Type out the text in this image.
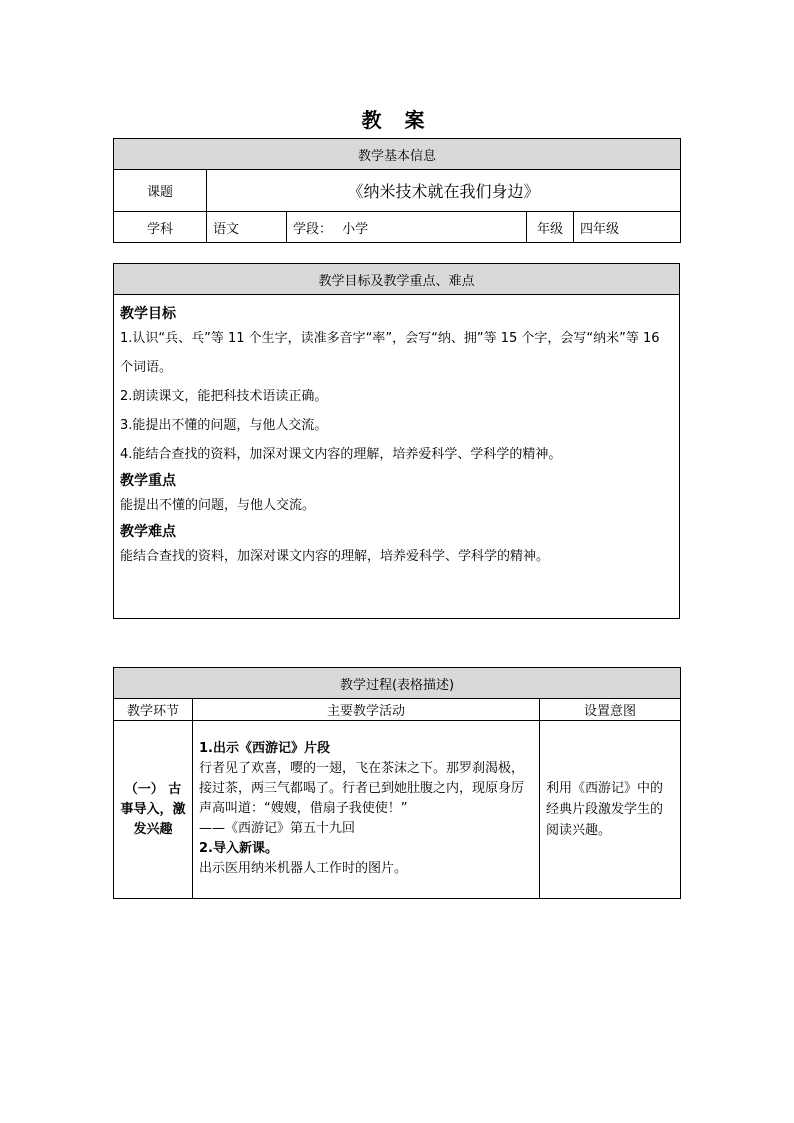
教 案
教学基本信息				
课题	《纳米技术就在我们身边》			
学科	语文	学段： 小学	年级	四年级
教学目标及教学重点、难点

教学目标
1.认识“兵、乓”等 11 个生字，读准多音字“率”，会写“纳、拥”等 15 个字，会写“纳米”等 16 个词语。
2.朗读课文，能把科技术语读正确。
3.能提出不懂的问题，与他人交流。
4.能结合查找的资料，加深对课文内容的理解，培养爱科学、学科学的精神。
教学重点
能提出不懂的问题，与他人交流。
教学难点
能结合查找的资料，加深对课文内容的理解，培养爱科学、学科学的精神。
教学过程(表格描述)		
教学环节	主要教学活动	设置意图
（一） 古事导入，激发兴趣	1.出示《西游记》片段
行者见了欢喜，嘤的一翅，飞在茶沫之下。那罗刹渴极，接过茶，两三气都喝了。行者已到她肚腹之内，现原身厉声高叫道：“嫂嫂，借扇子我使使！”
——《西游记》第五十九回
2.导入新课。
出示医用纳米机器人工作时的图片。	利用《西游记》中的经典片段激发学生的阅读兴趣。
